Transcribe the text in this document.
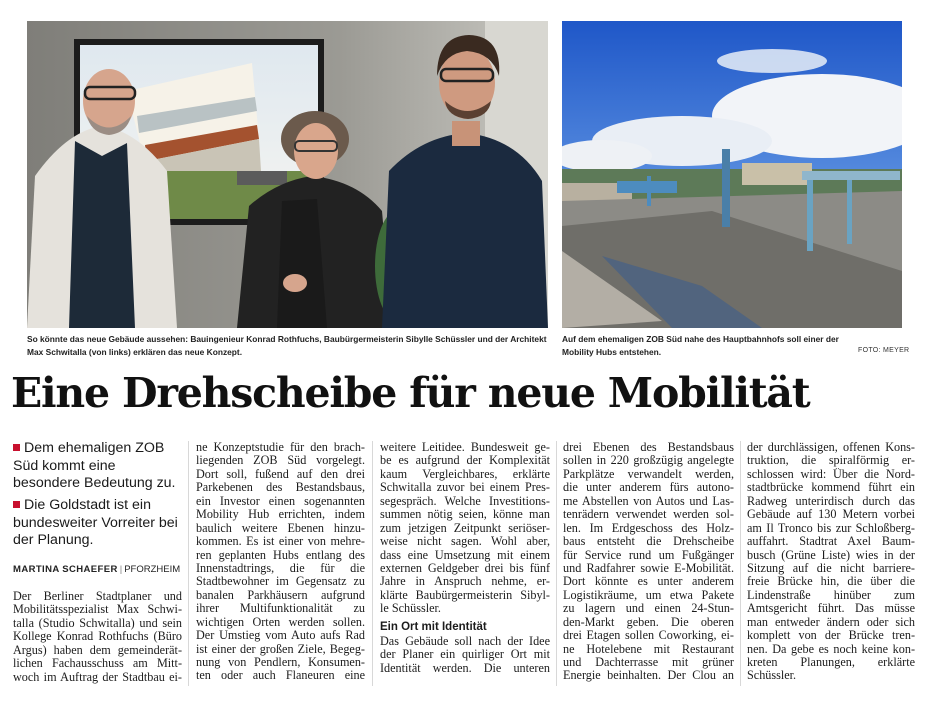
So könnte das neue Gebäude aussehen: Bauingenieur Konrad Rothfuchs, Baubürgermeisterin Sibylle Schüssler und der Architekt Max Schwitalla (von links) erklären das neue Konzept.
Auf dem ehemaligen ZOB Süd nahe des Hauptbahnhofs soll einer der Mobility Hubs entstehen.	FOTO: MEYER
Eine Drehscheibe für neue Mobilität
Dem ehemaligen ZOB Süd kommt eine besondere Bedeutung zu.
Die Goldstadt ist ein bundesweiter Vorreiter bei der Planung.
MARTINA SCHAEFER | PFORZHEIM
Der Berliner Stadtplaner und
Mobilitätsspezialist Max Schwi-
talla (Studio Schwitalla) und sein
Kollege Konrad Rothfuchs (Büro
Argus) haben dem gemeinderät-
lichen Fachausschuss am Mitt-
woch im Auftrag der Stadtbau ei-
ne Konzeptstudie für den brach-
liegenden ZOB Süd vorgelegt.
Dort soll, fußend auf den drei
Parkebenen des Bestandsbaus,
ein Investor einen sogenannten
Mobility Hub errichten, indem
baulich weitere Ebenen hinzu-
kommen. Es ist einer von mehre-
ren geplanten Hubs entlang des
Innenstadtrings, die für die
Stadtbewohner im Gegensatz zu
banalen Parkhäusern aufgrund
ihrer Multifunktionalität zu
wichtigen Orten werden sollen.
Der Umstieg vom Auto aufs Rad
ist einer der großen Ziele, Begeg-
nung von Pendlern, Konsumen-
ten oder auch Flaneuren eine
weitere Leitidee. Bundesweit ge-
be es aufgrund der Komplexität
kaum Vergleichbares, erklärte
Schwitalla zuvor bei einem Pres-
segespräch. Welche Investitions-
summen nötig seien, könne man
zum jetzigen Zeitpunkt seriöser-
weise nicht sagen. Wohl aber,
dass eine Umsetzung mit einem
externen Geldgeber drei bis fünf
Jahre in Anspruch nehme, er-
klärte Baubürgermeisterin Sibyl-
le Schüssler.
Ein Ort mit Identität
Das Gebäude soll nach der Idee
der Planer ein quirliger Ort mit
Identität werden. Die unteren
drei Ebenen des Bestandsbaus
sollen in 220 großzügig angelegte
Parkplätze verwandelt werden,
die unter anderem fürs autono-
me Abstellen von Autos und Las-
tenrädern verwendet werden sol-
len. Im Erdgeschoss des Holz-
baus entsteht die Drehscheibe
für Service rund um Fußgänger
und Radfahrer sowie E-Mobilität.
Dort könnte es unter anderem
Logistikräume, um etwa Pakete
zu lagern und einen 24-Stun-
den-Markt geben. Die oberen
drei Etagen sollen Coworking, ei-
ne Hotelebene mit Restaurant
und Dachterrasse mit grüner
Energie beinhalten. Der Clou an
der durchlässigen, offenen Kons-
truktion, die spiralförmig er-
schlossen wird: Über die Nord-
stadtbrücke kommend führt ein
Radweg unterirdisch durch das
Gebäude auf 130 Metern vorbei
am Il Tronco bis zur Schloßberg-
auffahrt. Stadtrat Axel Baum-
busch (Grüne Liste) wies in der
Sitzung auf die nicht barriere-
freie Brücke hin, die über die
Lindenstraße hinüber zum
Amtsgericht führt. Das müsse
man entweder ändern oder sich
komplett von der Brücke tren-
nen. Da gebe es noch keine kon-
kreten Planungen, erklärte
Schüssler.
